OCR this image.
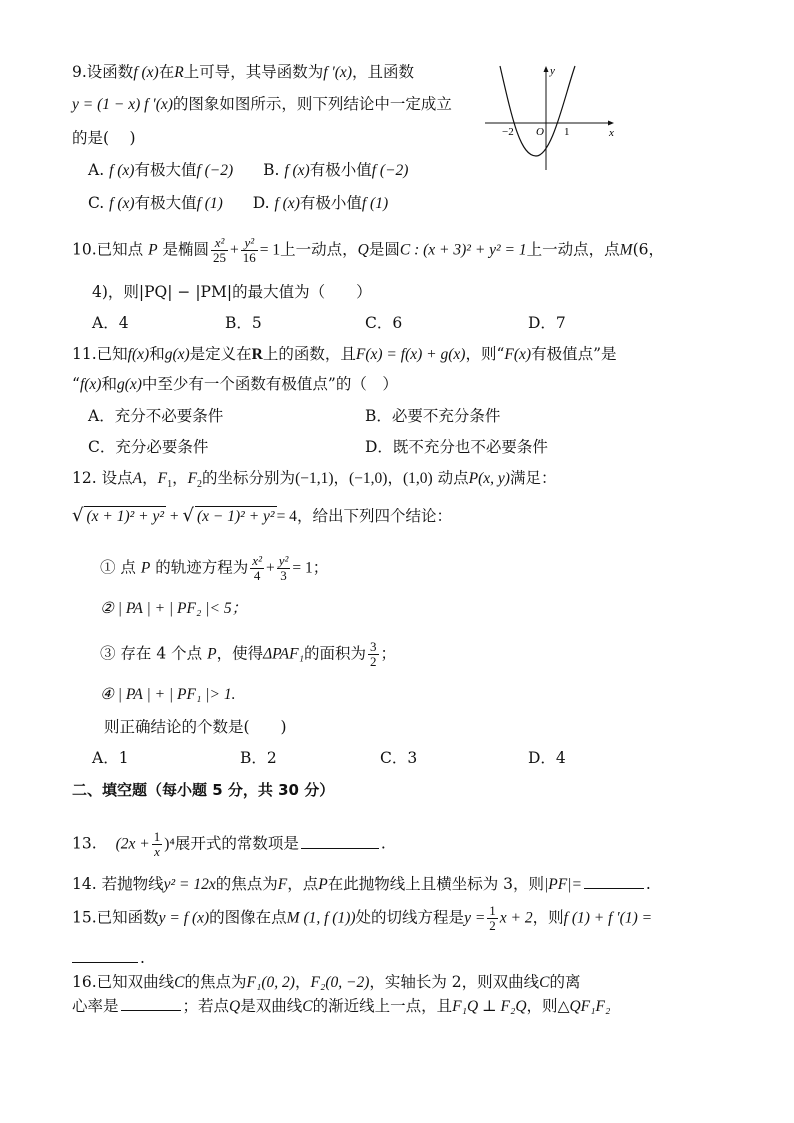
9.设函数f (x)在R上可导，其导函数为f ′(x)，且函数
y = (1 − x) f ′(x)的图象如图所示，则下列结论中一定成立
的是(　 )
A. f (x)有极大值f (−2) B. f (x)有极小值f (−2)
C. f (x)有极大值f (1) D. f (x)有极小值f (1)
y
x
O
−2	1
10.已知点 P 是椭圆 $\frac{\text{x²}}{25} + \frac{\text{y²}}{16} = 1$上一动点，Q是圆C : (x + 3)² + y² = 1上一动点，点M(6，
4)，则|PQ| − |PM|的最大值为（　　）
A．4	B．5	C．6	D．7
11.已知f(x)和g(x)是定义在R上的函数，且F(x) = f(x) + g(x)，则“F(x)有极值点”是
“f(x)和g(x)中至少有一个函数有极值点”的（　）
A．充分不必要条件	B．必要不充分条件
C．充分必要条件	D．既不充分也不必要条件
12. 设点A，$F_1$，$F_2$的坐标分别为(−1,1)，(−1,0)，(1,0) 动点P(x, y)满足：
√ (x + 1)² + y² + √ (x − 1)² + y² = 4，给出下列四个结论：
① 点 P 的轨迹方程为 $\frac{\text{x²}}{4} + \frac{\text{y²}}{3} = 1$；
② | PA | + | PF₂ |< 5；
③ 存在 4 个点 P，使得ΔPAF₁的面积为 $\frac{3}{2}$ ；
④ | PA | + | PF₁ |> 1.
则正确结论的个数是(　　)
A．1	B．2	C．3	D．4
二、填空题（每小题 5 分，共 30 分）
13. $(2x + \frac{1}{x} )^4$展开式的常数项是	.
14. 若抛物线y² = 12x的焦点为F，点P在此抛物线上且横坐标为 3，则|PF|=	.
15.已知函数y = f (x)的图像在点M (1, f (1))处的切线方程是$y = \frac{1}{2}$ x + 2，则f (1) + f ′(1) =
.
16.已知双曲线C的焦点为F₁(0, 2)，F₂(0, −2)，实轴长为 2，则双曲线C的离
心率是	；若点Q是双曲线C的渐近线上一点，且F₁Q ⊥ F₂Q，则△QF₁F₂
